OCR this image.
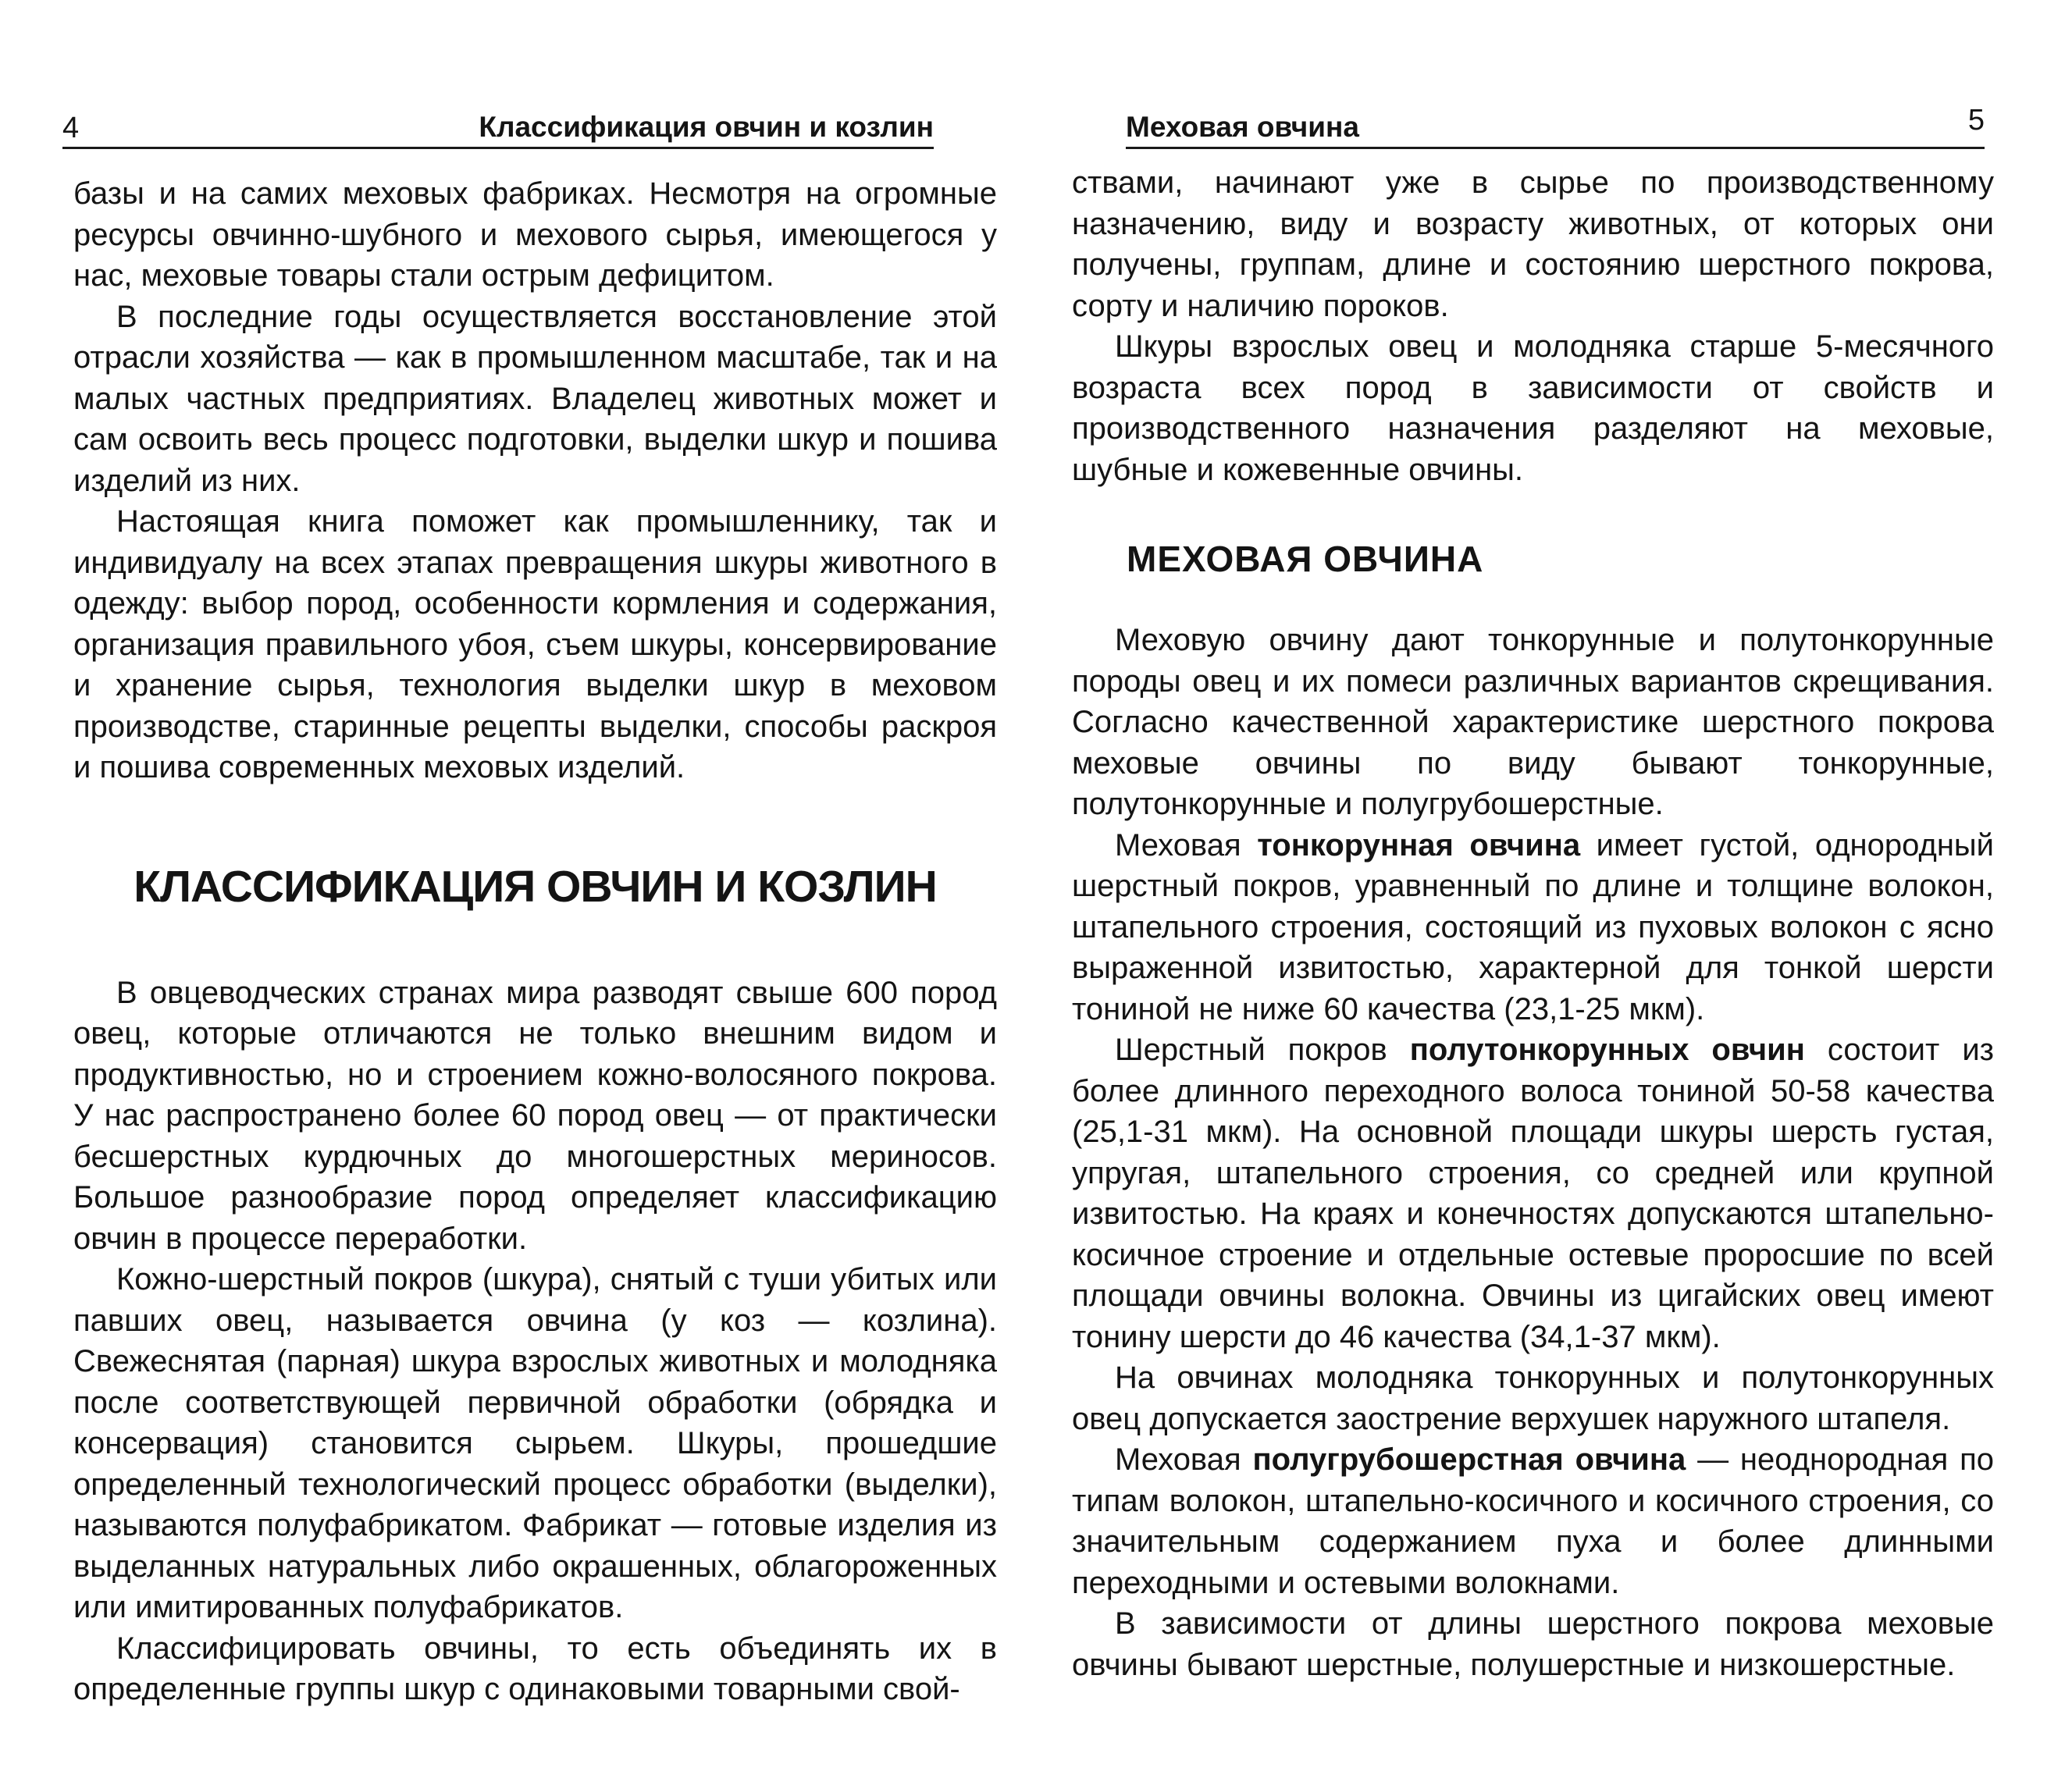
4	Классификация овчин и козлин

базы и на самих меховых фабриках. Несмотря на огромные ресурсы овчинно-шубного и мехового сырья, имеющегося у нас, меховые товары стали острым дефицитом.

В последние годы осуществляется восстановление этой отрасли хозяйства — как в промышленном масштабе, так и на малых частных предприятиях. Владелец животных может и сам освоить весь процесс подготовки, выделки шкур и пошива изделий из них.

Настоящая книга поможет как промышленнику, так и индивидуалу на всех этапах превращения шкуры животного в одежду: выбор пород, особенности кормления и содержания, организация правильного убоя, съем шкуры, консервирование и хранение сырья, технология выделки шкур в меховом производстве, старинные рецепты выделки, способы раскроя и пошива современных меховых изделий.

КЛАССИФИКАЦИЯ ОВЧИН И КОЗЛИН

В овцеводческих странах мира разводят свыше 600 пород овец, которые отличаются не только внешним видом и продуктивностью, но и строением кожно-волосяного покрова. У нас распространено более 60 пород овец — от практически бесшерстных курдючных до многошерстных мериносов. Большое разнообразие пород определяет классификацию овчин в процессе переработки.

Кожно-шерстный покров (шкура), снятый с туши убитых или павших овец, называется овчина (у коз — козлина). Свежеснятая (парная) шкура взрослых животных и молодняка после соответствующей первичной обработки (обрядка и консервация) становится сырьем. Шкуры, прошедшие определенный технологический процесс обработки (выделки), называются полуфабрикатом. Фабрикат — готовые изделия из выделанных натуральных либо окрашенных, облагороженных или имитированных полуфабрикатов.

Классифицировать овчины, то есть объединять их в определенные группы шкур с одинаковыми товарными свой-

Меховая овчина	5

ствами, начинают уже в сырье по производственному назначению, виду и возрасту животных, от которых они получены, группам, длине и состоянию шерстного покрова, сорту и наличию пороков.

Шкуры взрослых овец и молодняка старше 5-месячного возраста всех пород в зависимости от свойств и производственного назначения разделяют на меховые, шубные и кожевенные овчины.

МЕХОВАЯ ОВЧИНА

Меховую овчину дают тонкорунные и полутонкорунные породы овец и их помеси различных вариантов скрещивания. Согласно качественной характеристике шерстного покрова меховые овчины по виду бывают тонкорунные, полутонкорунные и полугрубошерстные.

Меховая тонкорунная овчина имеет густой, однородный шерстный покров, уравненный по длине и толщине волокон, штапельного строения, состоящий из пуховых волокон с ясно выраженной извитостью, характерной для тонкой шерсти тониной не ниже 60 качества (23,1-25 мкм).

Шерстный покров полутонкорунных овчин состоит из более длинного переходного волоса тониной 50-58 качества (25,1-31 мкм). На основной площади шкуры шерсть густая, упругая, штапельного строения, со средней или крупной извитостью. На краях и конечностях допускаются штапельно-косичное строение и отдельные остевые проросшие по всей площади овчины волокна. Овчины из цигайских овец имеют тонину шерсти до 46 качества (34,1-37 мкм).

На овчинах молодняка тонкорунных и полутонкорунных овец допускается заострение верхушек наружного штапеля.

Меховая полугрубошерстная овчина — неоднородная по типам волокон, штапельно-косичного и косичного строения, со значительным содержанием пуха и более длинными переходными и остевыми волокнами.

В зависимости от длины шерстного покрова меховые овчины бывают шерстные, полушерстные и низкошерстные.
